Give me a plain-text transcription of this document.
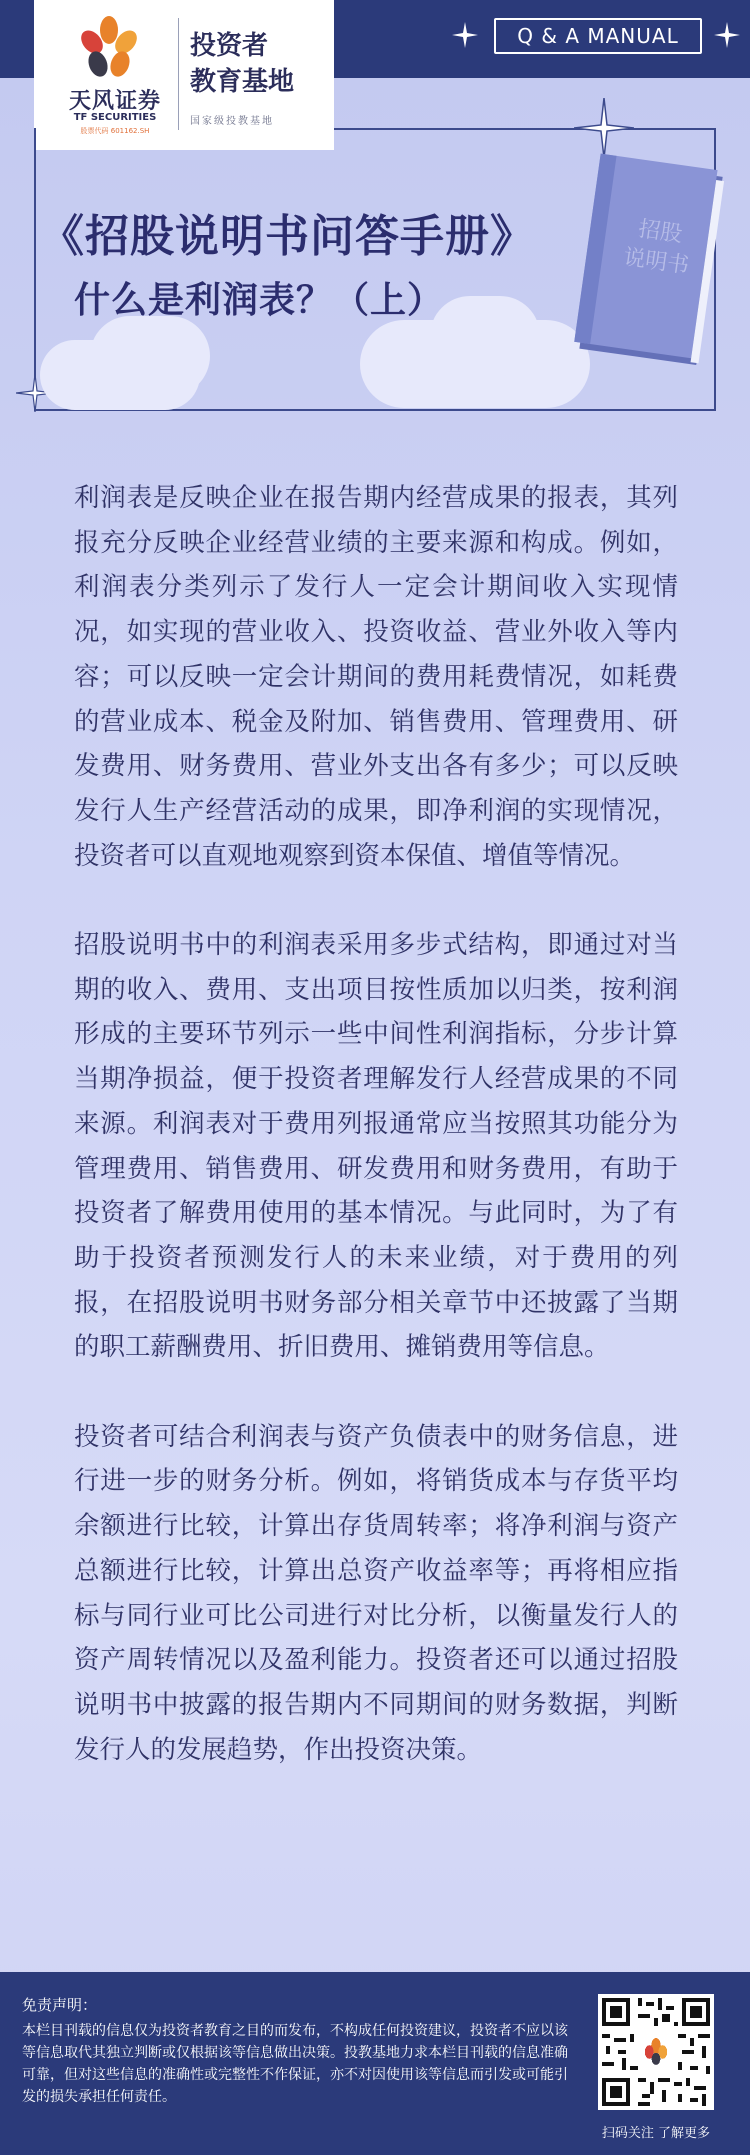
天风证券
TF SECURITIES
股票代码 601162.SH
投资者
教育基地
国家级投教基地
Q & A MANUAL
《招股说明书问答手册》
什么是利润表？（上）
招股
说明书

利润表是反映企业在报告期内经营成果的报表，其列报充分反映企业经营业绩的主要来源和构成。例如，利润表分类列示了发行人一定会计期间收入实现情况，如实现的营业收入、投资收益、营业外收入等内容；可以反映一定会计期间的费用耗费情况，如耗费的营业成本、税金及附加、销售费用、管理费用、研发费用、财务费用、营业外支出各有多少；可以反映发行人生产经营活动的成果，即净利润的实现情况，投资者可以直观地观察到资本保值、增值等情况。

招股说明书中的利润表采用多步式结构，即通过对当期的收入、费用、支出项目按性质加以归类，按利润形成的主要环节列示一些中间性利润指标，分步计算当期净损益，便于投资者理解发行人经营成果的不同来源。利润表对于费用列报通常应当按照其功能分为管理费用、销售费用、研发费用和财务费用，有助于投资者了解费用使用的基本情况。与此同时，为了有助于投资者预测发行人的未来业绩，对于费用的列报，在招股说明书财务部分相关章节中还披露了当期的职工薪酬费用、折旧费用、摊销费用等信息。

投资者可结合利润表与资产负债表中的财务信息，进行进一步的财务分析。例如，将销货成本与存货平均余额进行比较，计算出存货周转率；将净利润与资产总额进行比较，计算出总资产收益率等；再将相应指标与同行业可比公司进行对比分析，以衡量发行人的资产周转情况以及盈利能力。投资者还可以通过招股说明书中披露的报告期内不同期间的财务数据，判断发行人的发展趋势，作出投资决策。

免责声明：
本栏目刊载的信息仅为投资者教育之目的而发布，不构成任何投资建议，投资者不应以该等信息取代其独立判断或仅根据该等信息做出决策。投教基地力求本栏目刊载的信息准确可靠，但对这些信息的准确性或完整性不作保证，亦不对因使用该等信息而引发或可能引发的损失承担任何责任。
扫码关注 了解更多
